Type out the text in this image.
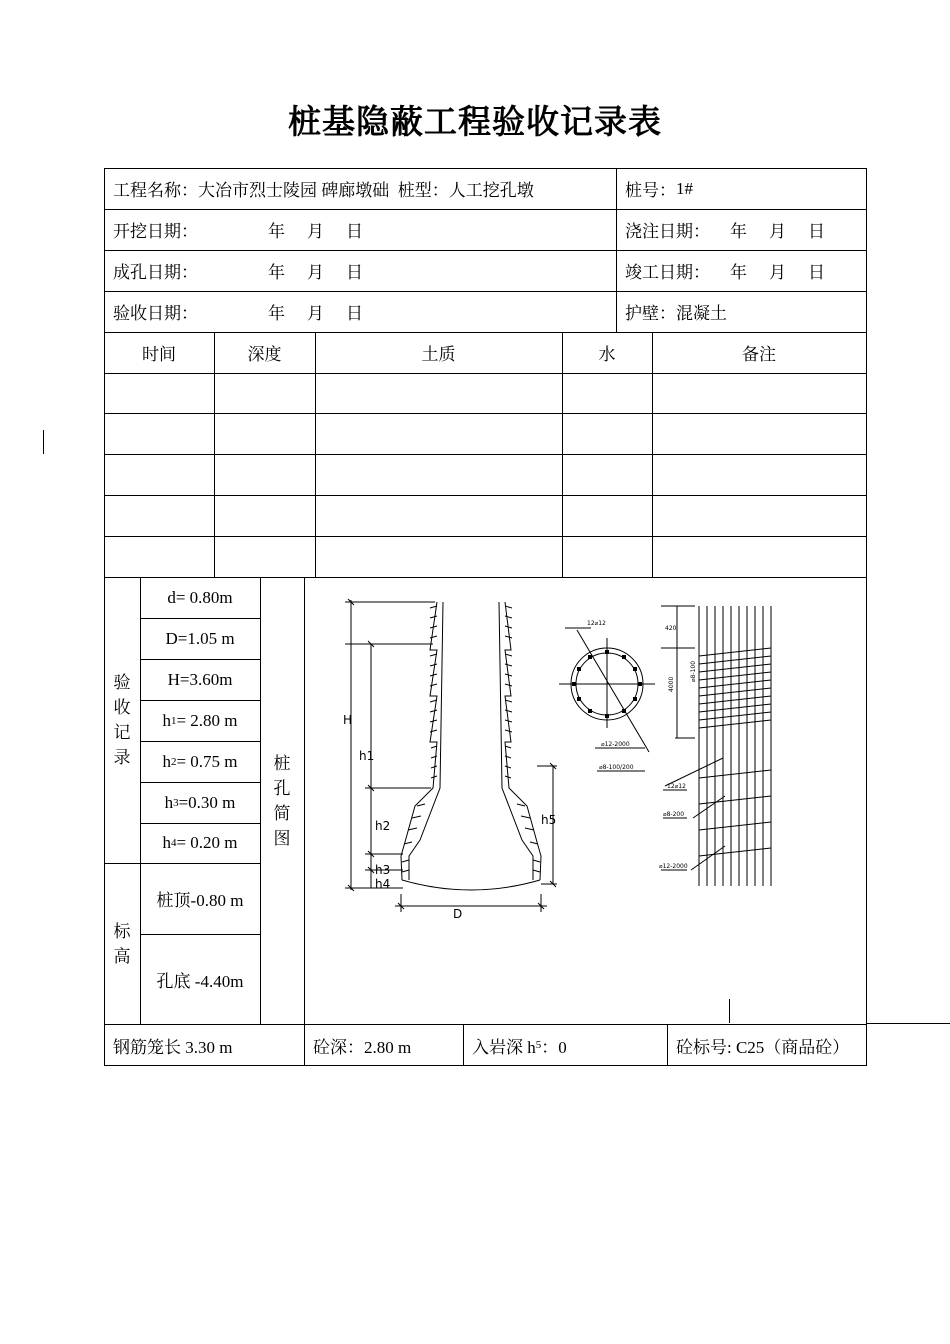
桩基隐蔽工程验收记录表
工程名称： 大冶市烈士陵园 碑廊墩础
桩型： 人工挖孔墩	桩号： 1#
开挖日期：	年 月 日	浇注日期： 年 月 日
成孔日期：	年 月 日	竣工日期： 年 月 日
验收日期：	年 月 日	护壁： 混凝土
时间	深度	土质	水	备注
验
收
记
录
d= 0.80m
D=1.05 m
H=3.60m
h 1 = 2.80 m
h 2 = 0.75 m
h 3 =0.30 m
h 4 = 0.20 m
标
高
桩顶-0.80 m
孔底 -4.40m
桩
孔
简
图
H
h1
h2
h3
h4
h5
D
12⌀12
⌀12-2000
⌀8-100/200
420
4000
⌀8-100
12⌀12
⌀8-200
⌀12-2000
钢筋笼长 3.30 m	砼深：2.80 m	入岩深 h 5 ：0	砼标号: C25（商品砼）
